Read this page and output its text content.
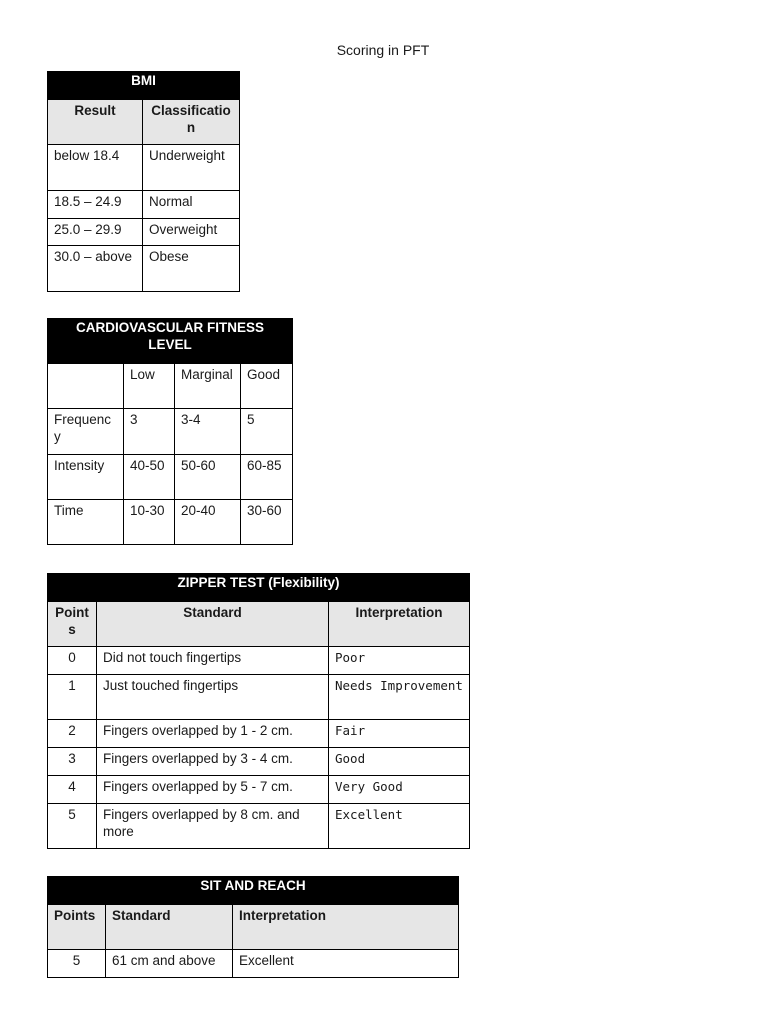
Scoring in PFT
BMI	
Result	Classification
below 18.4	Underweight
18.5 – 24.9	Normal
25.0 – 29.9	Overweight
30.0 – above	Obese
CARDIOVASCULAR FITNESS LEVEL			
	Low	Marginal	Good
Frequency	3	3-4	5
Intensity	40-50	50-60	60-85
Time	10-30	20-40	30-60
ZIPPER TEST (Flexibility)		
Points	Standard	Interpretation
0	Did not touch fingertips	Poor
1	Just touched fingertips	Needs Improvement
2	Fingers overlapped by 1 - 2 cm.	Fair
3	Fingers overlapped by 3 - 4 cm.	Good
4	Fingers overlapped by 5 - 7 cm.	Very Good
5	Fingers overlapped by 8 cm. and more	Excellent
SIT AND REACH		
Points	Standard	Interpretation
5	61 cm and above	Excellent
